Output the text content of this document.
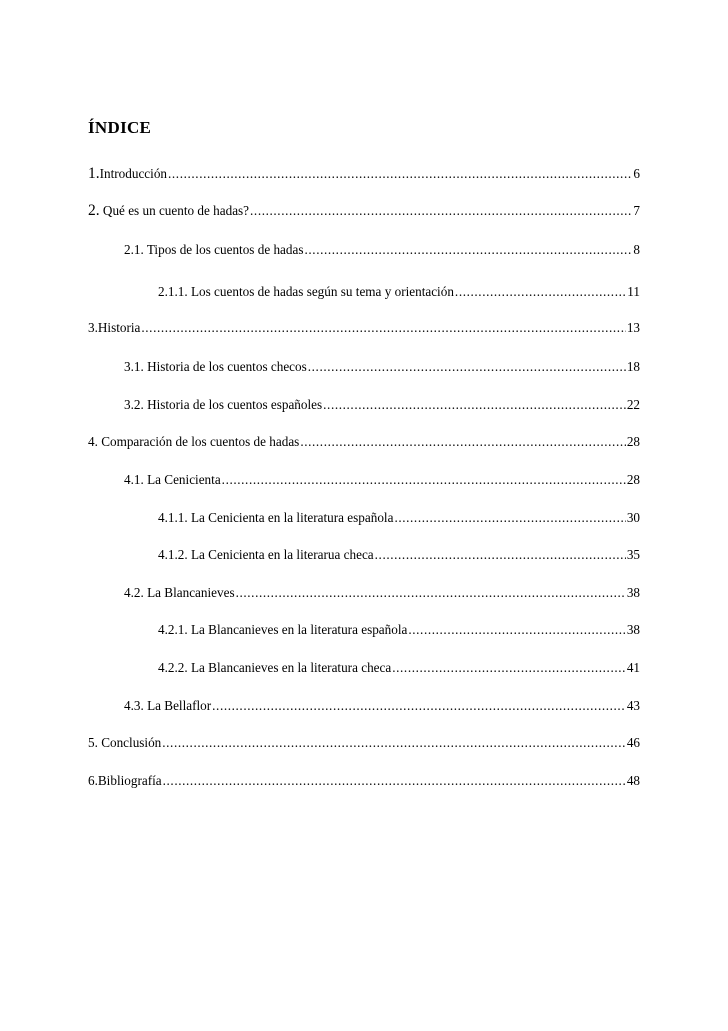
ÍNDICE
1.Introducción .....	6
2. Qué es un cuento de hadas? .....	7
2.1. Tipos de los cuentos de hadas .....	8
2.1.1. Los cuentos de hadas según su tema y orientación .....	11
3.Historia .....	13
3.1. Historia de los cuentos checos .....	18
3.2. Historia de los cuentos españoles .....	22
4. Comparación de los cuentos de hadas .....	28
4.1. La Cenicienta .....	28
4.1.1. La Cenicienta en la literatura española .....	30
4.1.2. La Cenicienta en la literarua checa .....	35
4.2. La Blancanieves .....	38
4.2.1. La Blancanieves en la literatura española .....	38
4.2.2. La Blancanieves en la literatura checa .....	41
4.3. La Bellaflor .....	43
5. Conclusión .....	46
6.Bibliografía .....	48
